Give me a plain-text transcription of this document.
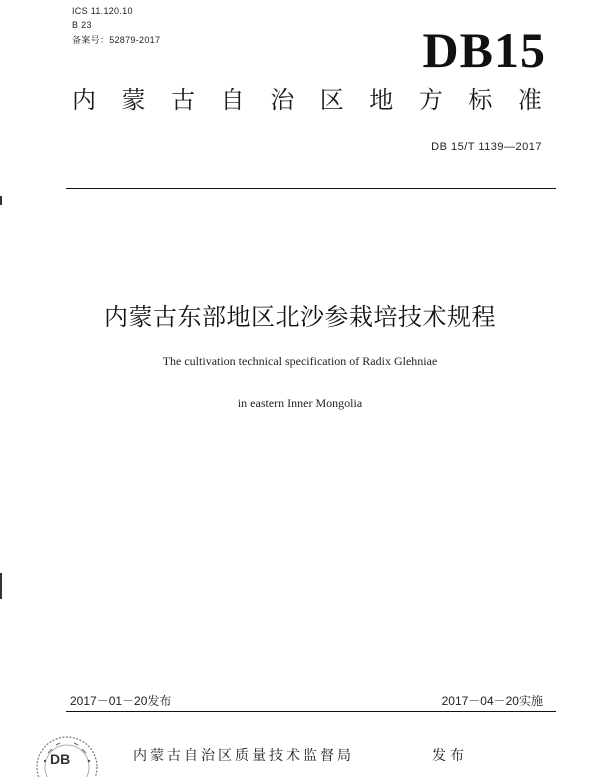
ICS 11.120.10
B 23
备案号：52879-2017	DB15
内 蒙 古 自 治 区 地 方 标 准
DB 15/T 1139—2017
内蒙古东部地区北沙参栽培技术规程
The cultivation technical specification of Radix Glehniae
in eastern Inner Mongolia
2017－01－20发布	2017－04－20实施
DB	内蒙古自治区质量技术监督局	发布
